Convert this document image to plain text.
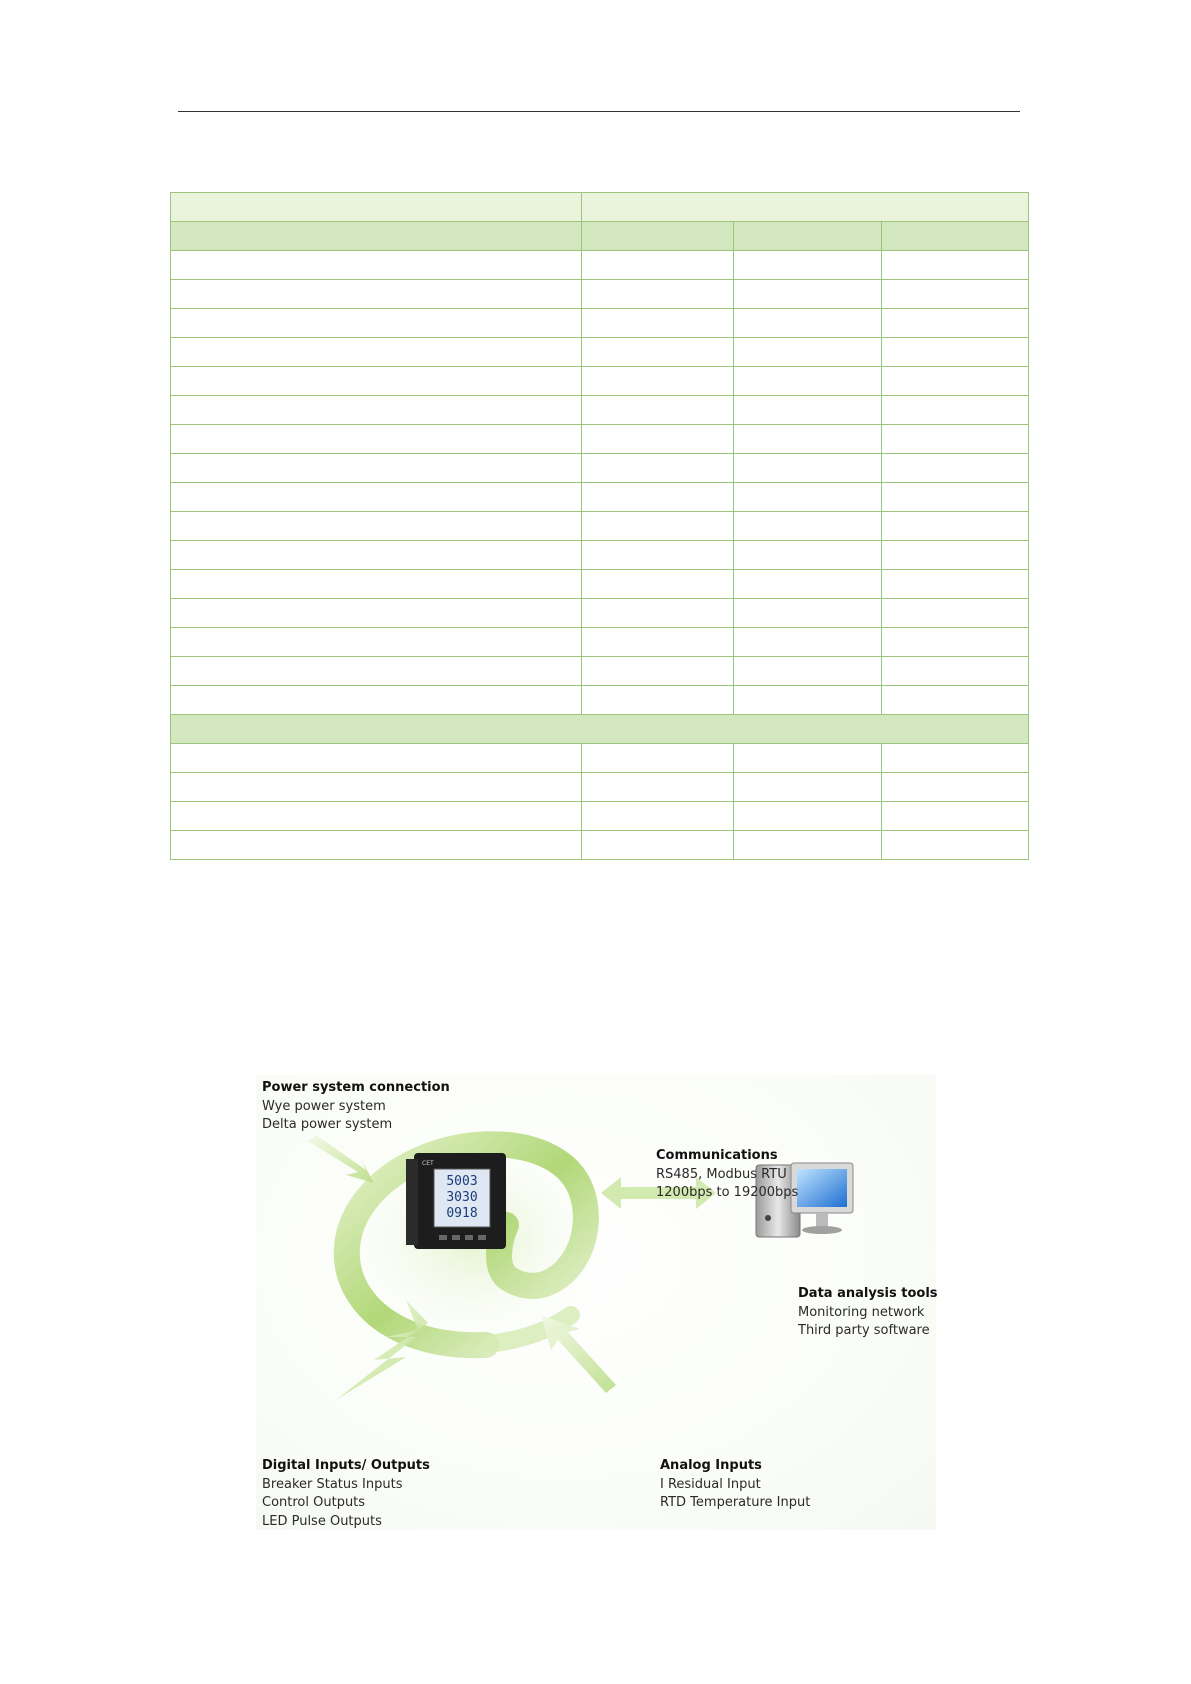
5003
3030
0918
CET
Power system connection
Wye power system
Delta power system
Communications
RS485, Modbus RTU
1200bps to 19200bps
Data analysis tools
Monitoring network
Third party software
Digital Inputs/ Outputs
Breaker Status Inputs
Control Outputs
LED Pulse Outputs
Analog Inputs
I Residual Input
RTD Temperature Input
